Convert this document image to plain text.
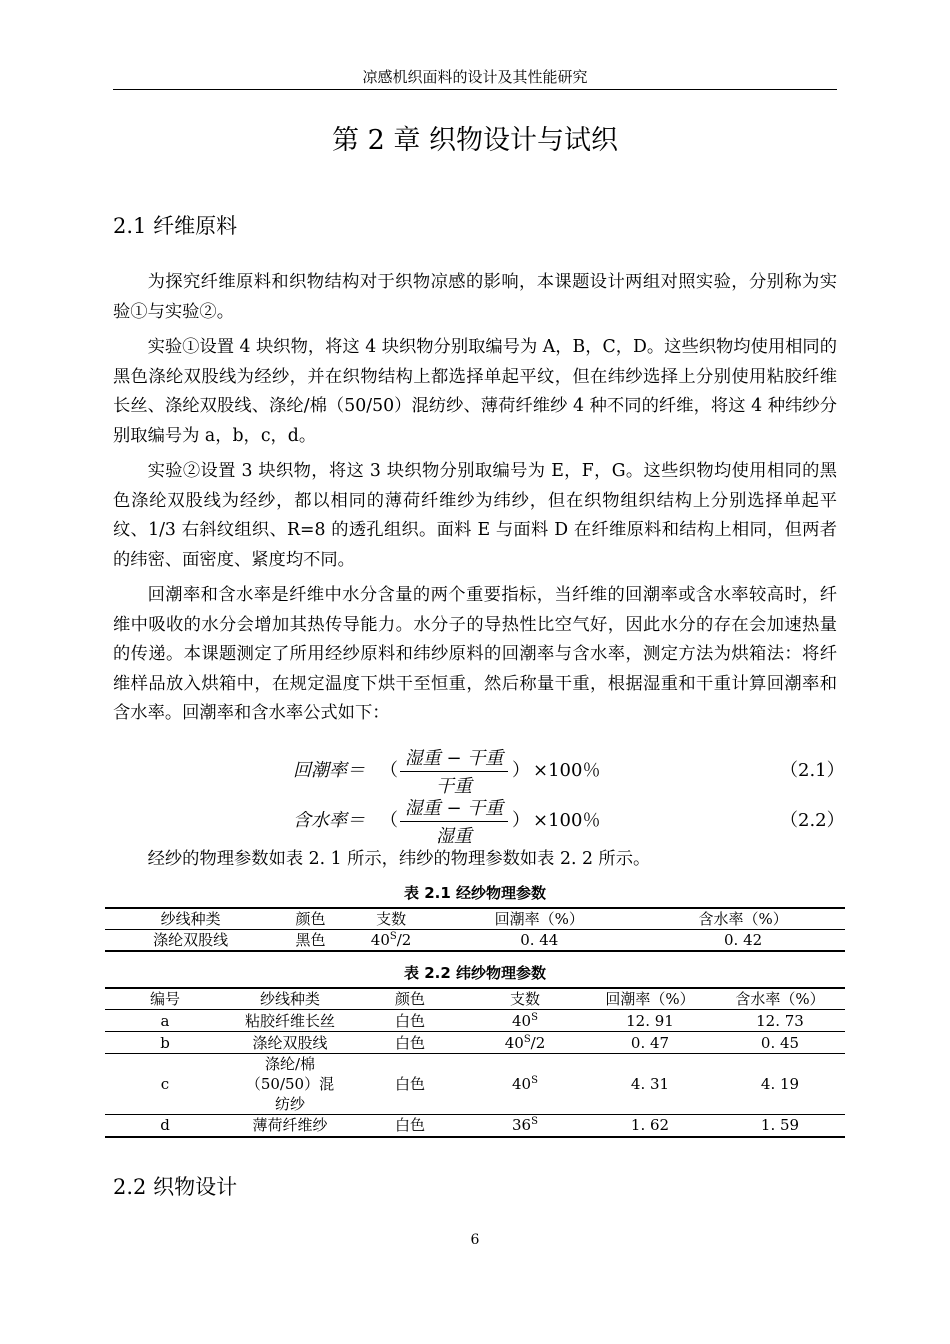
凉感机织面料的设计及其性能研究
第 2 章 织物设计与试织
2.1 纤维原料

为探究纤维原料和织物结构对于织物凉感的影响，本课题设计两组对照实验，分别称为实验①与实验②。

实验①设置 4 块织物，将这 4 块织物分别取编号为 A，B，C，D。这些织物均使用相同的黑色涤纶双股线为经纱，并在织物结构上都选择单起平纹，但在纬纱选择上分别使用粘胶纤维长丝、涤纶双股线、涤纶/棉（50/50）混纺纱、薄荷纤维纱 4 种不同的纤维，将这 4 种纬纱分别取编号为 a，b，c，d。

实验②设置 3 块织物，将这 3 块织物分别取编号为 E，F，G。这些织物均使用相同的黑色涤纶双股线为经纱，都以相同的薄荷纤维纱为纬纱，但在织物组织结构上分别选择单起平纹、1/3 右斜纹组织、R=8 的透孔组织。面料 E 与面料 D 在纤维原料和结构上相同，但两者的纬密、面密度、紧度均不同。

回潮率和含水率是纤维中水分含量的两个重要指标，当纤维的回潮率或含水率较高时，纤维中吸收的水分会增加其热传导能力。水分子的导热性比空气好，因此水分的存在会加速热量的传递。本课题测定了所用经纱原料和纬纱原料的回潮率与含水率，测定方法为烘箱法：将纤维样品放入烘箱中，在规定温度下烘干至恒重，然后称量干重，根据湿重和干重计算回潮率和含水率。回潮率和含水率公式如下：

回潮率＝ （
湿重 − 干重
干重
） ×100％	（2.1）
含水率＝ （
湿重 − 干重
湿重
） ×100％	（2.2）

经纱的物理参数如表 2. 1 所示，纬纱的物理参数如表 2. 2 所示。

表 2.1 经纱物理参数
纱线种类	颜色	支数	回潮率（%）	含水率（%）
涤纶双股线	黑色	$40^S/2$	0. 44	0. 42
表 2.2 纬纱物理参数
编号	纱线种类	颜色	支数	回潮率（%）	含水率（%）
a	粘胶纤维长丝	白色	$40^S$	12. 91	12. 73
b	涤纶双股线	白色	$40^S/2$	0. 47	0. 45
c	涤纶/棉
（50/50）混
纺纱	白色	$40^S$	4. 31	4. 19
d	薄荷纤维纱	白色	$36^S$	1. 62	1. 59
2.2 织物设计
6
